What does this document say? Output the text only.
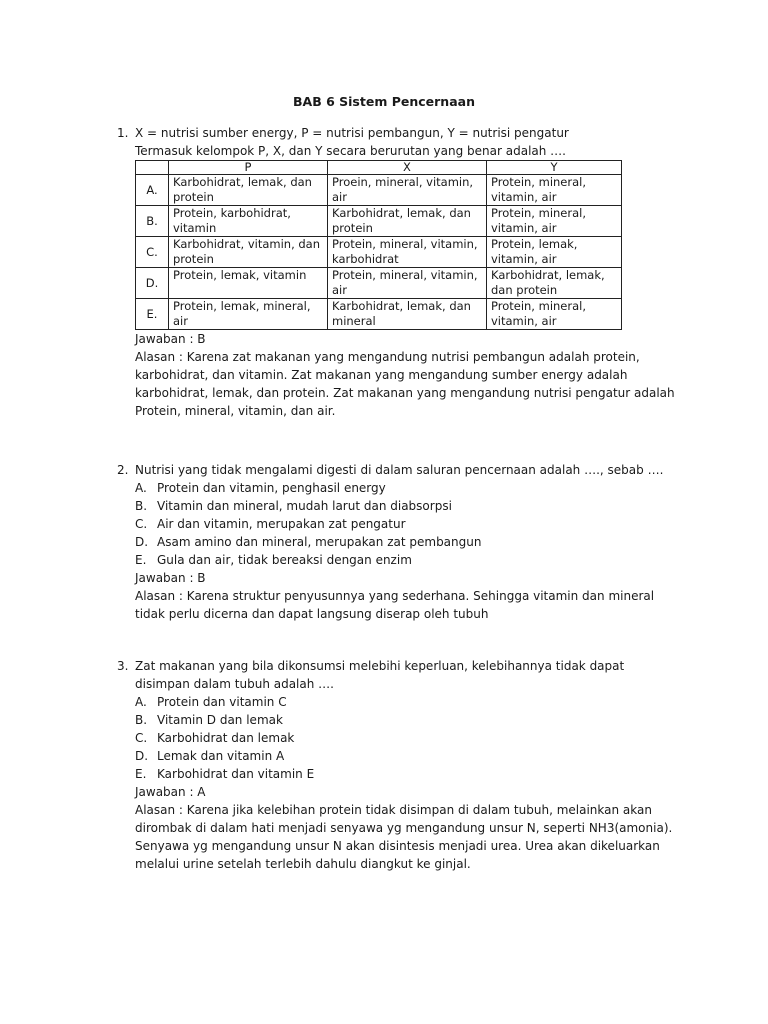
BAB 6 Sistem Pencernaan
1. X = nutrisi sumber energy, P = nutrisi pembangun, Y = nutrisi pengatur

Termasuk kelompok P, X, dan Y secara berurutan yang benar adalah ….

	P	X	Y
A.	Karbohidrat, lemak, dan protein	Proein, mineral, vitamin, air	Protein, mineral, vitamin, air
B.	Protein, karbohidrat, vitamin	Karbohidrat, lemak, dan protein	Protein, mineral, vitamin, air
C.	Karbohidrat, vitamin, dan protein	Protein, mineral, vitamin, karbohidrat	Protein, lemak, vitamin, air
D.	Protein, lemak, vitamin	Protein, mineral, vitamin, air	Karbohidrat, lemak, dan protein
E.	Protein, lemak, mineral, air	Karbohidrat, lemak, dan mineral	Protein, mineral, vitamin, air

Jawaban : B

Alasan : Karena zat makanan yang mengandung nutrisi pembangun adalah protein, karbohidrat, dan vitamin. Zat makanan yang mengandung sumber energy adalah karbohidrat, lemak, dan protein. Zat makanan yang mengandung nutrisi pengatur adalah Protein, mineral, vitamin, dan air.

2. Nutrisi yang tidak mengalami digesti di dalam saluran pencernaan adalah …., sebab ….

A. Protein dan vitamin, penghasil energy
B. Vitamin dan mineral, mudah larut dan diabsorpsi
C. Air dan vitamin, merupakan zat pengatur
D. Asam amino dan mineral, merupakan zat pembangun
E. Gula dan air, tidak bereaksi dengan enzim

Jawaban : B

Alasan : Karena struktur penyusunnya yang sederhana. Sehingga vitamin dan mineral tidak perlu dicerna dan dapat langsung diserap oleh tubuh

3. Zat makanan yang bila dikonsumsi melebihi keperluan, kelebihannya tidak dapat disimpan dalam tubuh adalah ….

A. Protein dan vitamin C
B. Vitamin D dan lemak
C. Karbohidrat dan lemak
D. Lemak dan vitamin A
E. Karbohidrat dan vitamin E

Jawaban : A

Alasan : Karena jika kelebihan protein tidak disimpan di dalam tubuh, melainkan akan dirombak di dalam hati menjadi senyawa yg mengandung unsur N, seperti NH3(amonia). Senyawa yg mengandung unsur N akan disintesis menjadi urea. Urea akan dikeluarkan melalui urine setelah terlebih dahulu diangkut ke ginjal.
